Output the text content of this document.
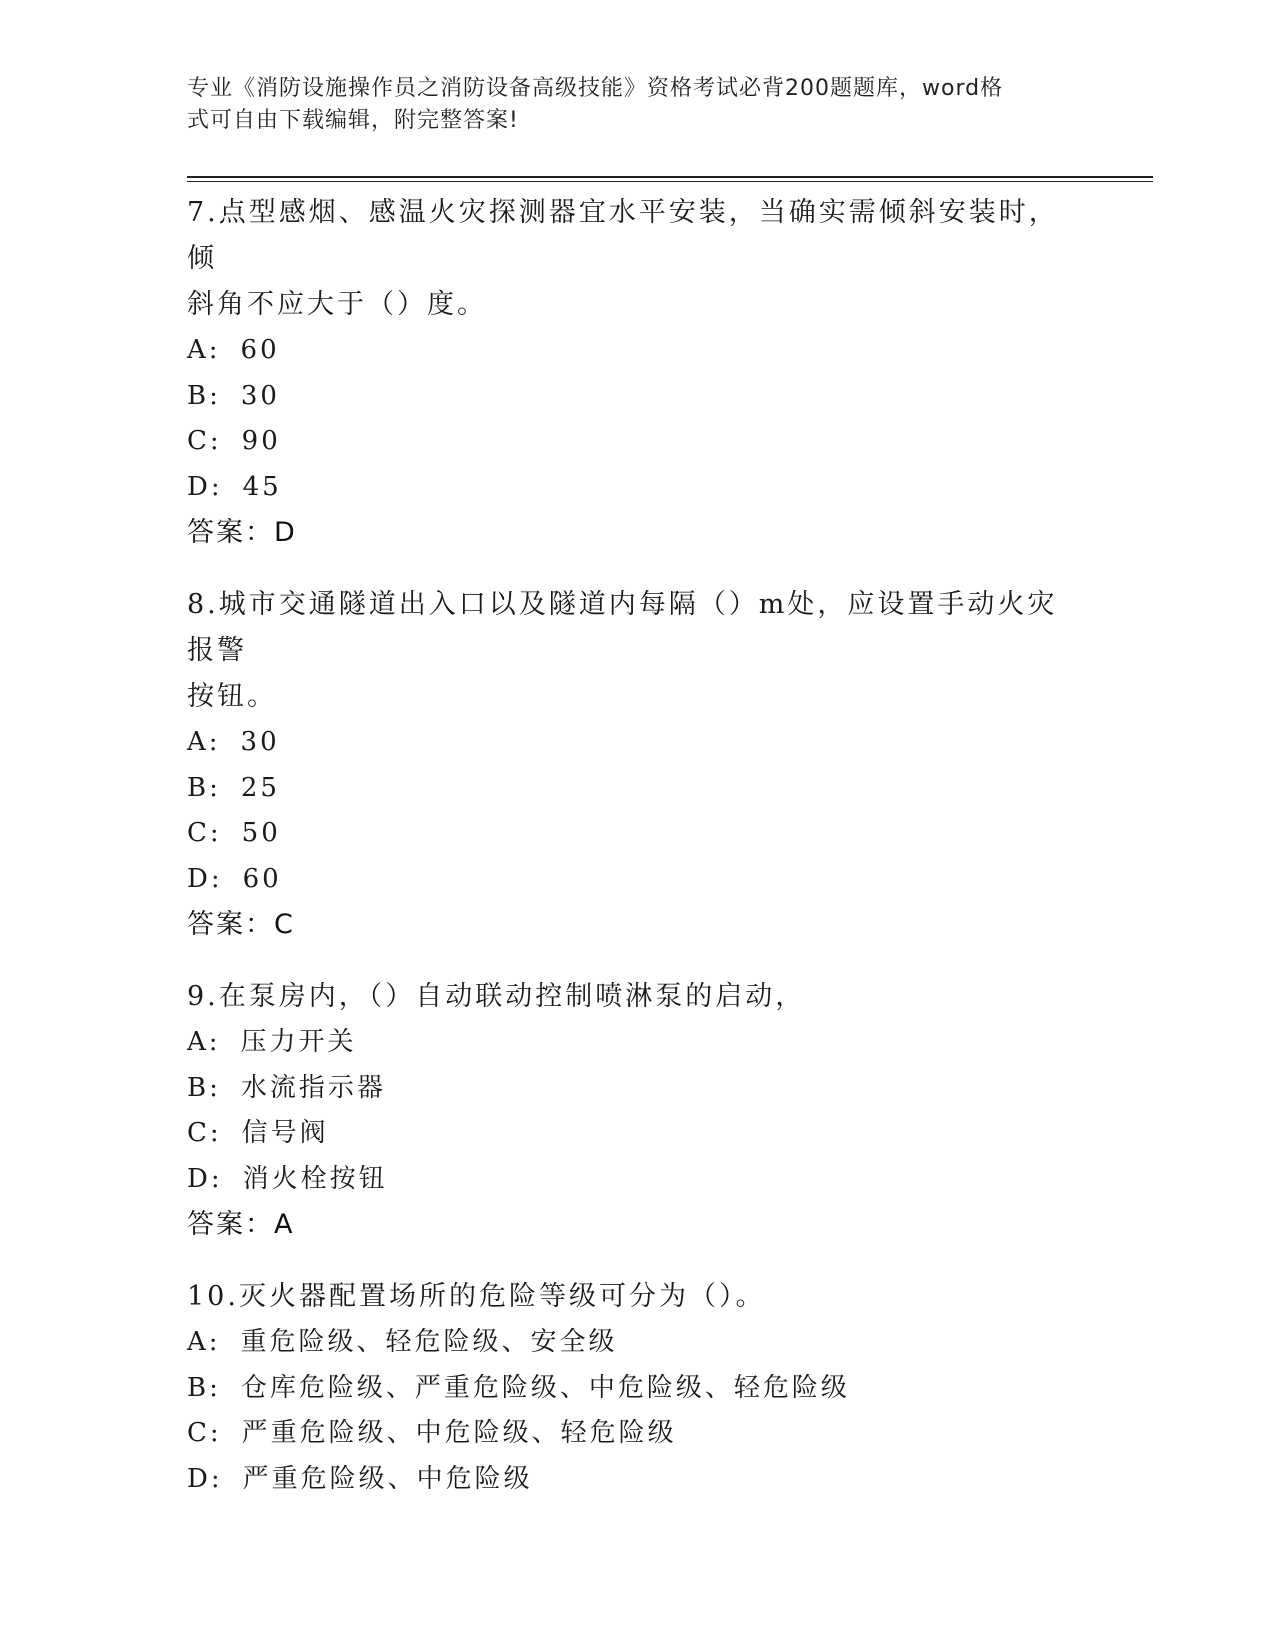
专业《消防设施操作员之消防设备高级技能》资格考试必背200题题库，word格
式可自由下载编辑，附完整答案!
7.点型感烟、感温火灾探测器宜水平安装，当确实需倾斜安装时，倾
斜角不应大于（）度。
A: 60
B: 30
C: 90
D: 45
答案：D
8.城市交通隧道出入口以及隧道内每隔（）m处，应设置手动火灾报警
按钮。
A: 30
B: 25
C: 50
D: 60
答案：C
9.在泵房内，（）自动联动控制喷淋泵的启动，
A: 压力开关
B: 水流指示器
C: 信号阀
D: 消火栓按钮
答案：A
10.灭火器配置场所的危险等级可分为（）。
A: 重危险级、轻危险级、安全级
B: 仓库危险级、严重危险级、中危险级、轻危险级
C: 严重危险级、中危险级、轻危险级
D: 严重危险级、中危险级
